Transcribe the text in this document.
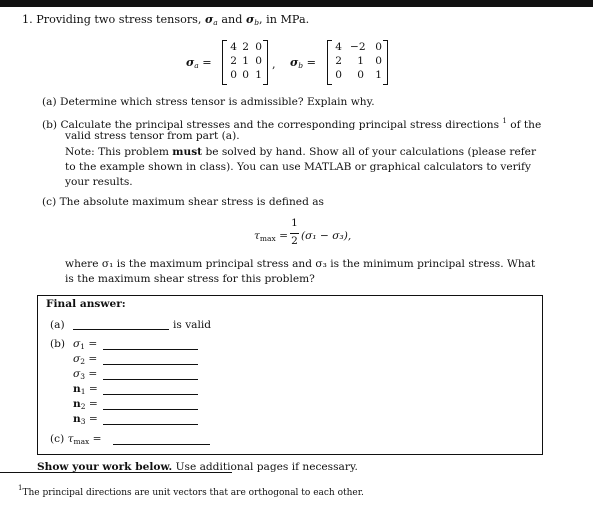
1. Providing two stress tensors, $\sigma_a$ and $\sigma_b$, in MPa.
$\sigma_a$ =
4 2 0
2 1 0
0 0 1
, $\sigma_b$ =
4 −2 0
2	1	0
0	0	1
(a) Determine which stress tensor is admissible? Explain why.
(b) Calculate the principal stresses and the corresponding principal stress directions $^1$ of the
valid stress tensor from part (a).
Note: This problem must be solved by hand. Show all of your calculations (please refer
to the example shown in class). You can use MATLAB or graphical calculators to verify
your results.
(c) The absolute maximum shear stress is defined as
τmax =
1
2 (σ₁ − σ₃),
where σ₁ is the maximum principal stress and σ₃ is the minimum principal stress. What
is the maximum shear stress for this problem?
Final answer:
(a)	is valid
(b) σ1 =
σ2 =
σ3 =
n1 =
n2 =
n3 =
(c) τmax =
Show your work below. Use additional pages if necessary.
$^1$The principal directions are unit vectors that are orthogonal to each other.
